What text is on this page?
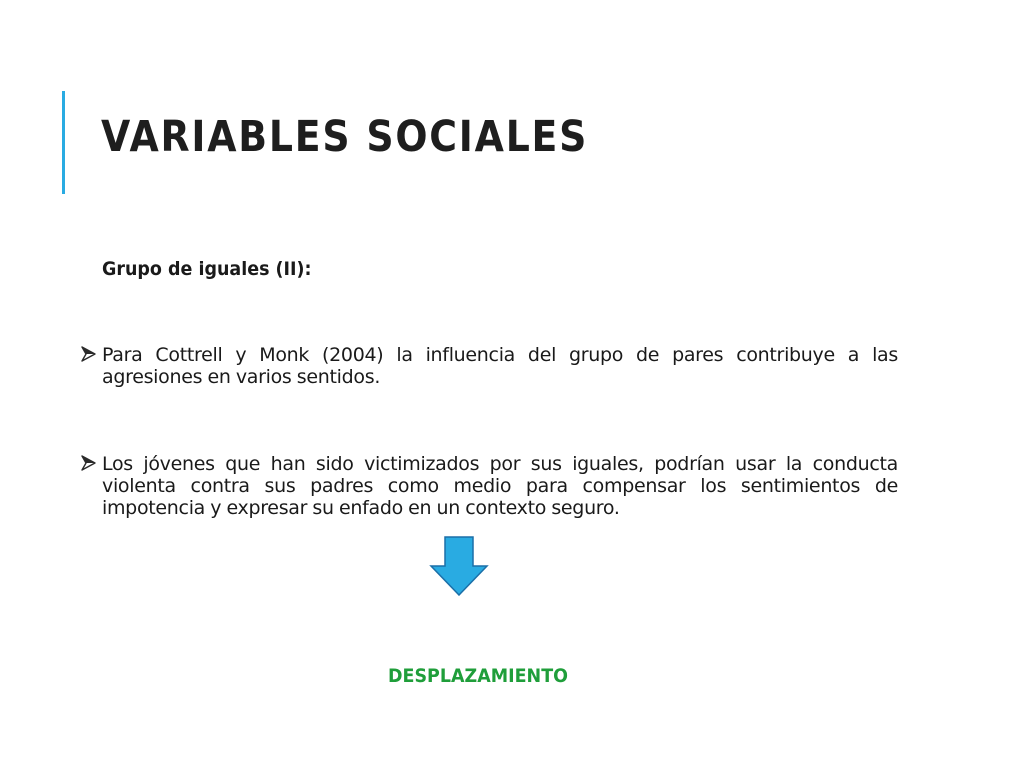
VARIABLES SOCIALES

Grupo de iguales (II):

Para Cottrell y Monk (2004) la influencia del grupo de pares contribuye a las agresiones en varios sentidos.

Los jóvenes que han sido victimizados por sus iguales, podrían usar la conducta violenta contra sus padres como medio para compensar los sentimientos de impotencia y expresar su enfado en un contexto seguro.

DESPLAZAMIENTO
